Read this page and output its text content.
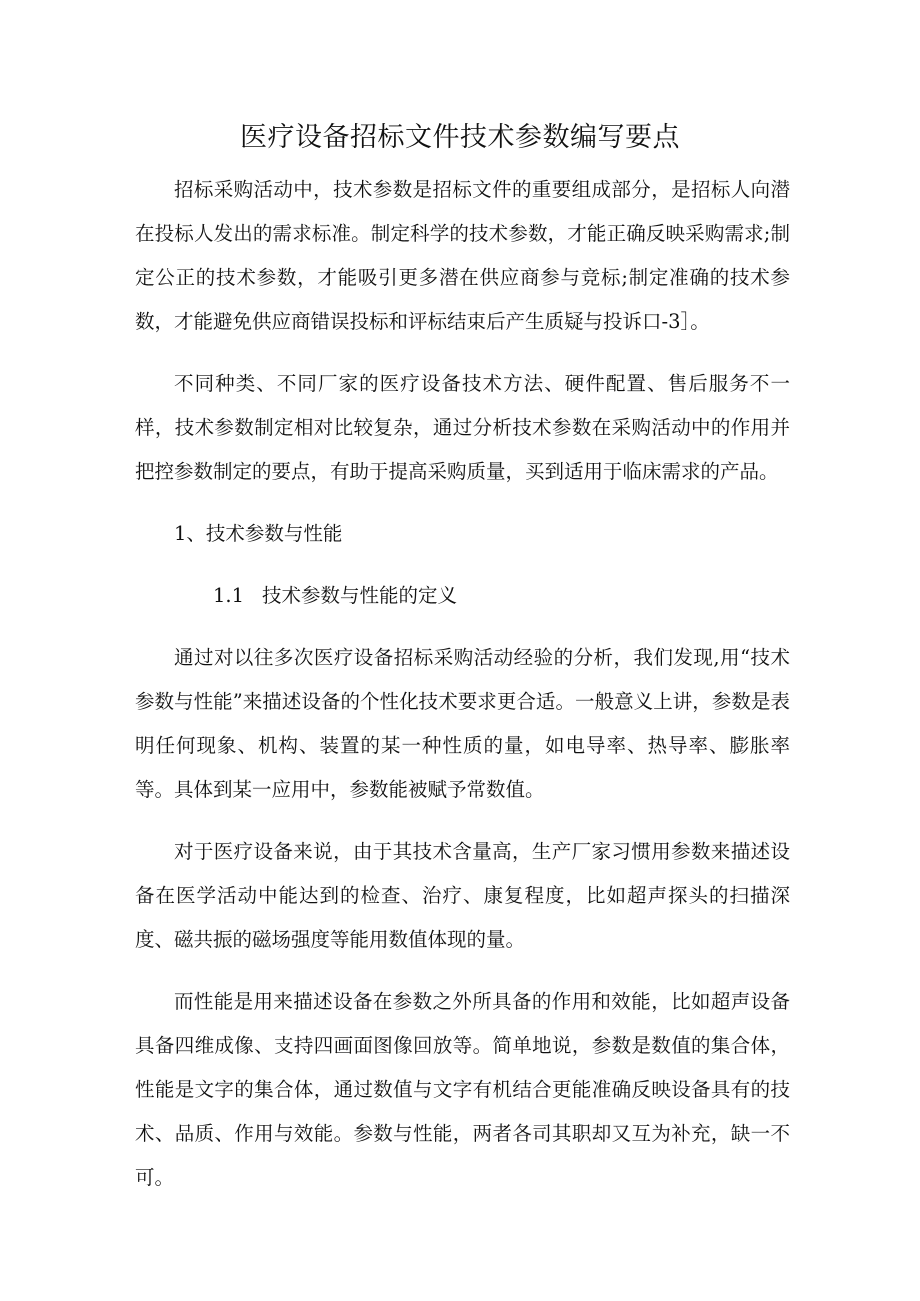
医疗设备招标文件技术参数编写要点

招标采购活动中，技术参数是招标文件的重要组成部分，是招标人向潜在投标人发出的需求标准。制定科学的技术参数，才能正确反映采购需求;制定公正的技术参数，才能吸引更多潜在供应商参与竞标;制定准确的技术参数，才能避免供应商错误投标和评标结束后产生质疑与投诉口-3］。

不同种类、不同厂家的医疗设备技术方法、硬件配置、售后服务不一样，技术参数制定相对比较复杂，通过分析技术参数在采购活动中的作用并把控参数制定的要点，有助于提高采购质量，买到适用于临床需求的产品。

1、技术参数与性能

1.1 技术参数与性能的定义

通过对以往多次医疗设备招标采购活动经验的分析，我们发现,用“技术参数与性能”来描述设备的个性化技术要求更合适。一般意义上讲，参数是表明任何现象、机构、装置的某一种性质的量，如电导率、热导率、膨胀率等。具体到某一应用中，参数能被赋予常数值。

对于医疗设备来说，由于其技术含量高，生产厂家习惯用参数来描述设备在医学活动中能达到的检查、治疗、康复程度，比如超声探头的扫描深度、磁共振的磁场强度等能用数值体现的量。

而性能是用来描述设备在参数之外所具备的作用和效能，比如超声设备具备四维成像、支持四画面图像回放等。简单地说，参数是数值的集合体，性能是文字的集合体，通过数值与文字有机结合更能准确反映设备具有的技术、品质、作用与效能。参数与性能，两者各司其职却又互为补充，缺一不可。
